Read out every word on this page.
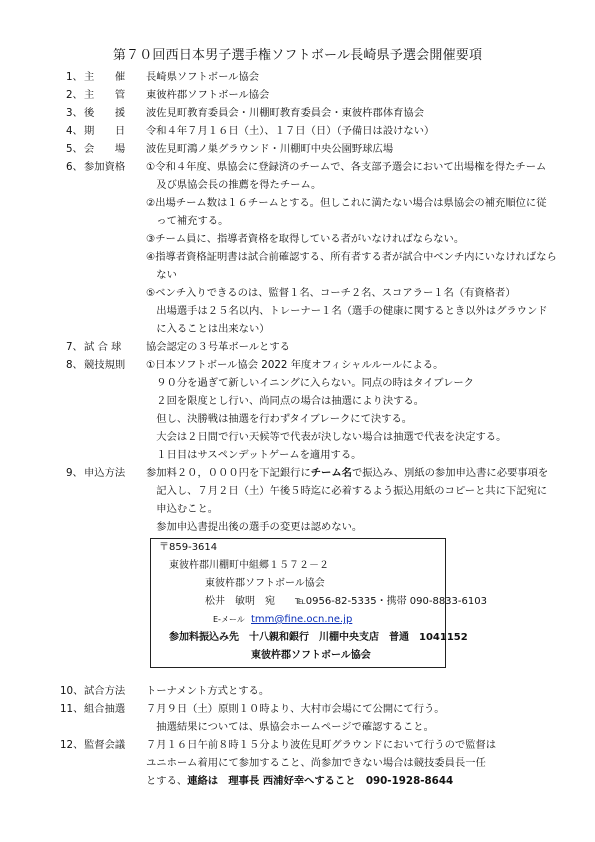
第７０回西日本男子選手権ソフトボール長崎県予選会開催要項
1、 主　　催 長崎県ソフトボール協会
2、 主　　管 東彼杵郡ソフトボール協会
3、 後　　援 波佐見町教育委員会・川棚町教育委員会・東彼杵郡体育協会
4、 期　　日 令和４年７月１６日（土）、１７日（日）（予備日は設けない）
5、 会　　場 波佐見町鴻ノ巣グラウンド・川棚町中央公園野球広場
6、 参加資格 ①令和４年度、県協会に登録済のチームで、各支部予選会において出場権を得たチーム
　及び県協会長の推薦を得たチーム。
②出場チーム数は１６チームとする。但しこれに満たない場合は県協会の補充順位に従
　って補充する。
③チーム員に、指導者資格を取得している者がいなければならない。
④指導者資格証明書は試合前確認する、所有者する者が試合中ベンチ内にいなければなら
　ない
⑤ベンチ入りできるのは、監督１名、コーチ２名、スコアラー１名（有資格者）
　出場選手は２５名以内、トレーナー１名（選手の健康に関するとき以外はグラウンド
　に入ることは出来ない）
7、 試 合 球 協会認定の３号革ボールとする
8、 競技規則 ①日本ソフトボール協会 2022 年度オフィシャルルールによる。
　９０分を過ぎて新しいイニングに入らない。同点の時はタイブレーク
　２回を限度とし行い、尚同点の場合は抽選により決する。
　但し、決勝戦は抽選を行わずタイブレークにて決する。
　大会は２日間で行い天候等で代表が決しない場合は抽選で代表を決定する。
　１日目はサスペンデットゲームを適用する。
9、 申込方法 参加料２０，０００円を下記銀行にチーム名で振込み、別紙の参加申込書に必要事項を
　記入し、７月２日（土）午後５時迄に必着するよう振込用紙のコピーと共に下記宛に
　申込むこと。
　参加申込書提出後の選手の変更は認めない。
〒859-3614
東彼杵郡川棚町中組郷１５７２－２
東彼杵郡ソフトボール協会
松井　敏明　宛　　℡0956-82-5335・携帯 090-8833-6103
E-メール tmm@fine.ocn.ne.jp
参加料振込み先　十八親和銀行　川棚中央支店　普通　1041152
東彼杵郡ソフトボール協会
10、 試合方法 トーナメント方式とする。
11、 組合抽選 ７月９日（土）原則１０時より、大村市会場にて公開にて行う。
　抽選結果については、県協会ホームページで確認すること。
12、 監督会議 ７月１６日午前８時１５分より波佐見町グラウンドにおいて行うので監督は
ユニホーム着用にて参加すること、尚参加できない場合は競技委員長一任
とする、連絡は　理事長 西浦好幸へすること　090-1928-8644
